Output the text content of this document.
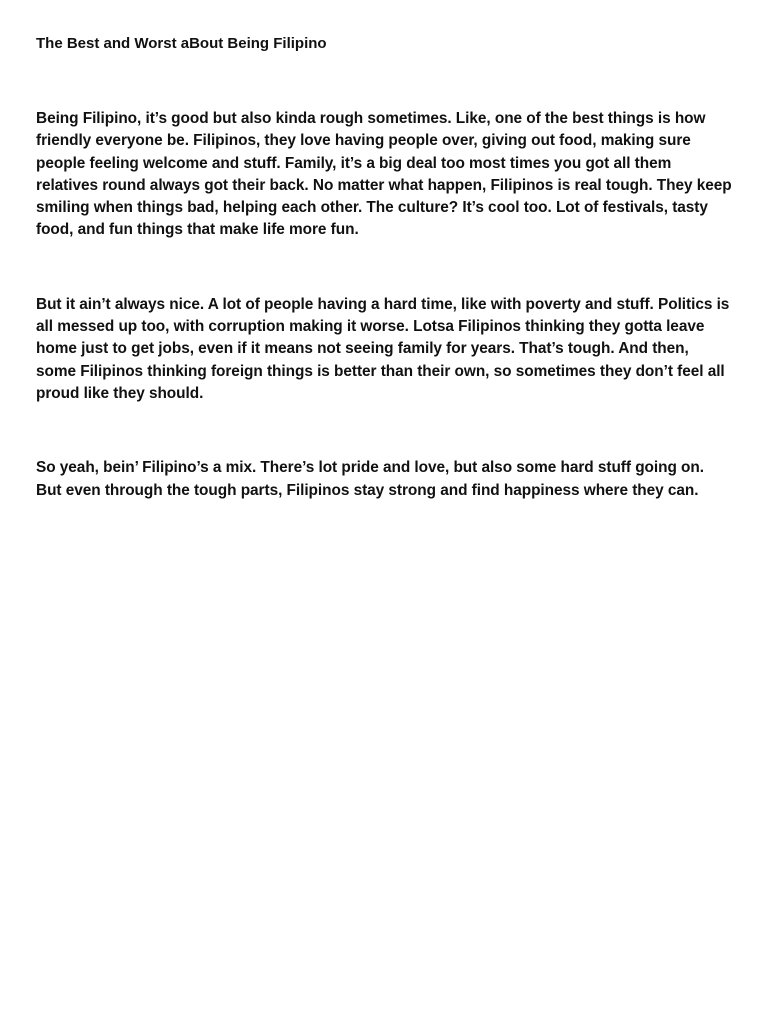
The Best and Worst aBout Being Filipino

Being Filipino, it’s good but also kinda rough sometimes. Like, one of the best things is how friendly everyone be. Filipinos, they love having people over, giving out food, making sure people feeling welcome and stuff. Family, it’s a big deal too most times you got all them relatives round always got their back. No matter what happen, Filipinos is real tough. They keep smiling when things bad, helping each other. The culture? It’s cool too. Lot of festivals, tasty food, and fun things that make life more fun.

But it ain’t always nice. A lot of people having a hard time, like with poverty and stuff. Politics is all messed up too, with corruption making it worse. Lotsa Filipinos thinking they gotta leave home just to get jobs, even if it means not seeing family for years. That’s tough. And then, some Filipinos thinking foreign things is better than their own, so sometimes they don’t feel all proud like they should.

So yeah, bein’ Filipino’s a mix. There’s lot pride and love, but also some hard stuff going on. But even through the tough parts, Filipinos stay strong and find happiness where they can.
